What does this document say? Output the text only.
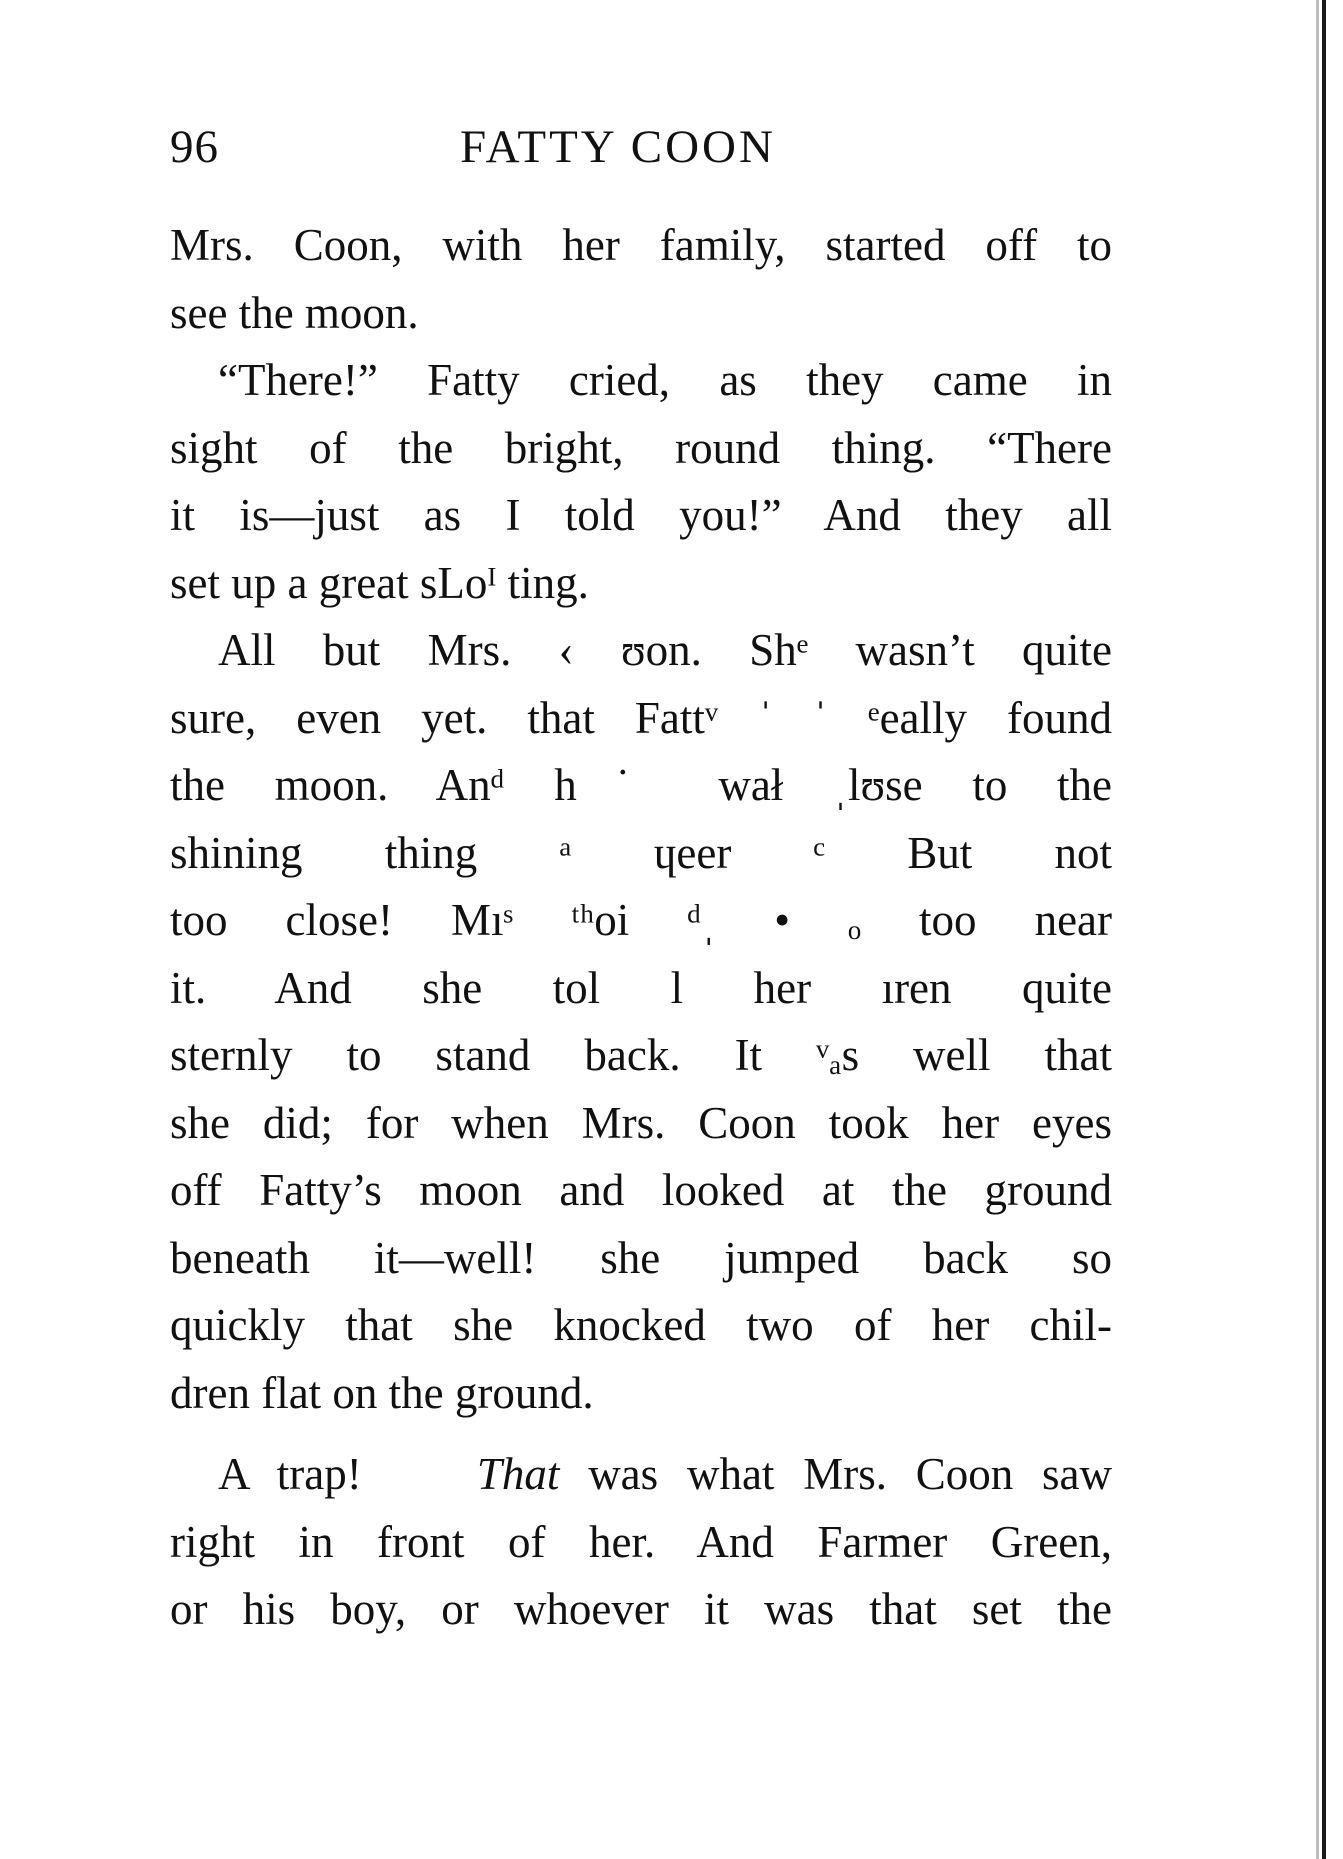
96	FATTY COON
Mrs. Coon, with her family, started off to
see the moon.
“There!” Fatty cried, as they came in
sight of the bright, round thing. “There
it is—just as I told you!” And they all
set up a great sLoᴵ ting.
All but Mrs. ‹ ʊon. Shᵉ wasn’t quite
sure, even yet. that Fattᵛ ˈ ˈ ᵉeally found
the moon. Anᵈ h˙ wał ˌlʊse to the
shining thing ᵃ ɥeer ᶜ But not
too close! Mıˢ ᵗʰoi ᵈˌ • ₒ too near
it. And she tol l her ıren quite
sternly to stand back. It ᵛₐs well that
she did; for when Mrs. Coon took her eyes
off Fatty’s moon and looked at the ground
beneath it—well! she jumped back so
quickly that she knocked two of her chil-
dren flat on the ground.
A trap!	That was what Mrs. Coon saw
right in front of her. And Farmer Green,
or his boy, or whoever it was that set the
